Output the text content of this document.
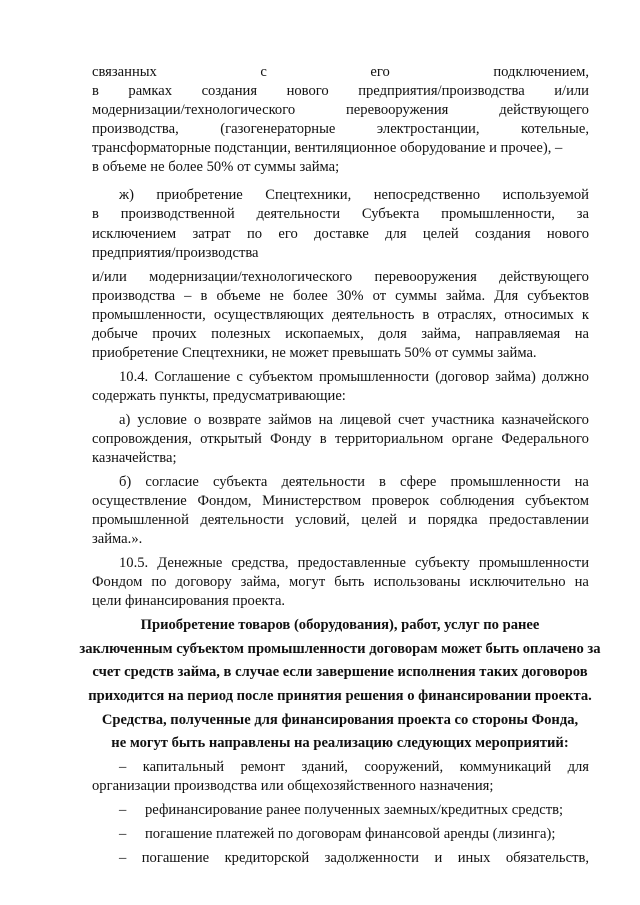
связанных	с	его	подключением,
в рамках создания нового предприятия/производства и/или
модернизации/технологического	перевооружения	действующего
производства,	(газогенераторные	электростанции,	котельные,
трансформаторные подстанции, вентиляционное оборудование и прочее), –
в объеме не более 50% от суммы займа;
ж) приобретение Спецтехники, непосредственно используемой
в производственной деятельности Субъекта промышленности, за
исключением затрат по его доставке для целей создания нового
предприятия/производства
и/или модернизации/технологического перевооружения действующего
производства – в объеме не более 30% от суммы займа. Для субъектов
промышленности, осуществляющих деятельность в отраслях, относимых к
добыче прочих полезных ископаемых, доля займа, направляемая на
приобретение Спецтехники, не может превышать 50% от суммы займа.
10.4. Соглашение с субъектом промышленности (договор займа) должно
содержать пункты, предусматривающие:
а) условие о возврате займов на лицевой счет участника казначейского
сопровождения, открытый Фонду в территориальном органе Федерального
казначейства;
б) согласие субъекта деятельности в сфере промышленности на
осуществление Фондом, Министерством проверок соблюдения субъектом
промышленной деятельности условий, целей и порядка предоставлении
займа.».
10.5. Денежные средства, предоставленные субъекту промышленности
Фондом по договору займа, могут быть использованы исключительно на
цели финансирования проекта.
Приобретение товаров (оборудования), работ, услуг по ранее
заключенным субъектом промышленности договорам может быть оплачено за
счет средств займа, в случае если завершение исполнения таких договоров
приходится на период после принятия решения о финансировании проекта.
Средства, полученные для финансирования проекта со стороны Фонда,
не могут быть направлены на реализацию следующих мероприятий:
– капитальный ремонт зданий, сооружений, коммуникаций для
организации производства или общехозяйственного назначения;
– рефинансирование ранее полученных заемных/кредитных средств;
– погашение платежей по договорам финансовой аренды (лизинга);
– погашение кредиторской задолженности и иных обязательств,
